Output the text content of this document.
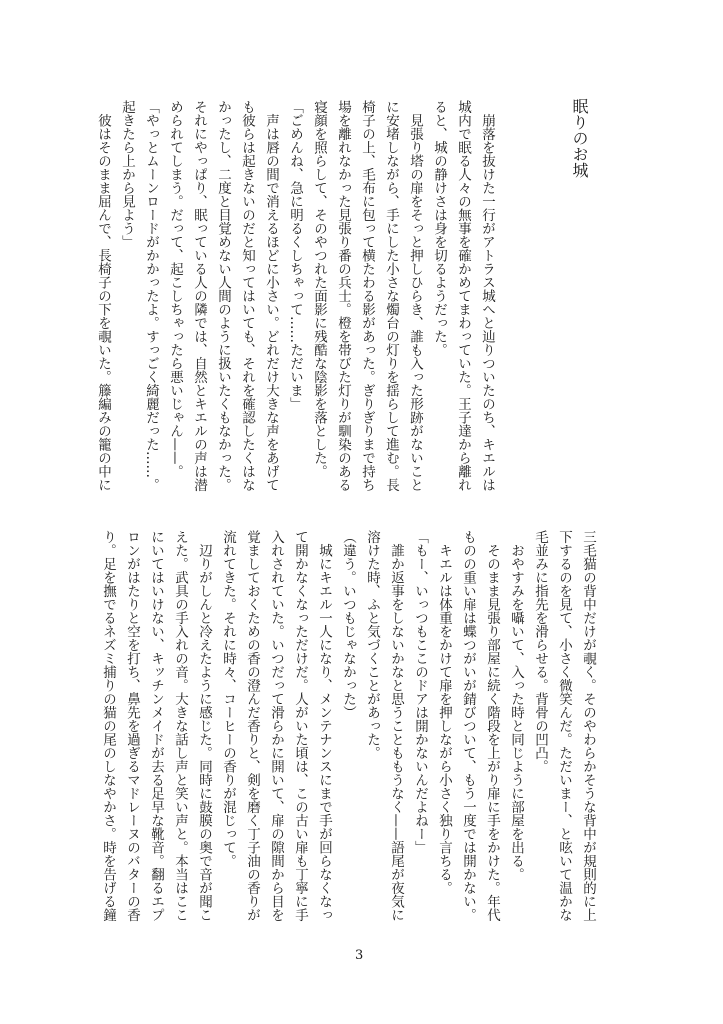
眠りのお城
　崩落を抜けた一行がアトラス城へと辿りついたのち、キエルは
城内で眠る人々の無事を確かめてまわっていた。王子達から離れ
ると、城の静けさは身を切るようだった。
　見張り塔の扉をそっと押しひらき、誰も入った形跡がないこと
に安堵しながら、手にした小さな燭台の灯りを揺らして進む。長
椅子の上、毛布に包って横たわる影があった。ぎりぎりまで持ち
場を離れなかった見張り番の兵士。橙を帯びた灯りが馴染のある
寝顔を照らして、そのやつれた面影に残酷な陰影を落とした。
「ごめんね、急に明るくしちゃって……ただいま」
　声は唇の間で消えるほどに小さい。どれだけ大きな声をあげて
も彼らは起きないのだと知ってはいても、それを確認したくはな
かったし、二度と目覚めない人間のように扱いたくもなかった。
それにやっぱり、眠っている人の隣では、自然とキエルの声は潜
められてしまう。だって、起こしちゃったら悪いじゃん——。
「やっとムーンロードがかかったよ。すっごく綺麗だった……。
起きたら上から見よう」
　彼はそのまま屈んで、長椅子の下を覗いた。籐編みの籠の中に
三毛猫の背中だけが覗く。そのやわらかそうな背中が規則的に上
下するのを見て、小さく微笑んだ。ただいまー、と呟いて温かな
毛並みに指先を滑らせる。背骨の凹凸。
　おやすみを囁いて、入った時と同じように部屋を出る。
　そのまま見張り部屋に続く階段を上がり扉に手をかけた。年代
ものの重い扉は蝶つがいが錆びついて、もう一度では開かない。
　キエルは体重をかけて扉を押しながら小さく独り言ちる。
「もー、いっつもここのドアは開かないんだよねー」
　誰か返事をしないかなと思うことももうなく——語尾が夜気に
溶けた時、ふと気づくことがあった。
（違う。いつもじゃなかった）
　城にキエル一人になり、メンテナンスにまで手が回らなくなっ
て開かなくなっただけだ。人がいた頃は、この古い扉も丁寧に手
入れされていた。いつだって滑らかに開いて、扉の隙間から目を
覚ましておくための香の澄んだ香りと、剣を磨く丁子油の香りが
流れてきた。それに時々、コーヒーの香りが混じって。
　辺りがしんと冷えたように感じた。同時に鼓膜の奥で音が聞こ
えた。武具の手入れの音。大きな話し声と笑い声と。本当はここ
にいてはいけない、キッチンメイドが去る足早な靴音。翻るエプ
ロンがはたりと空を打ち、鼻先を過ぎるマドレーヌのバターの香
り。足を撫でるネズミ捕りの猫の尾のしなやかさ。時を告げる鐘
3
